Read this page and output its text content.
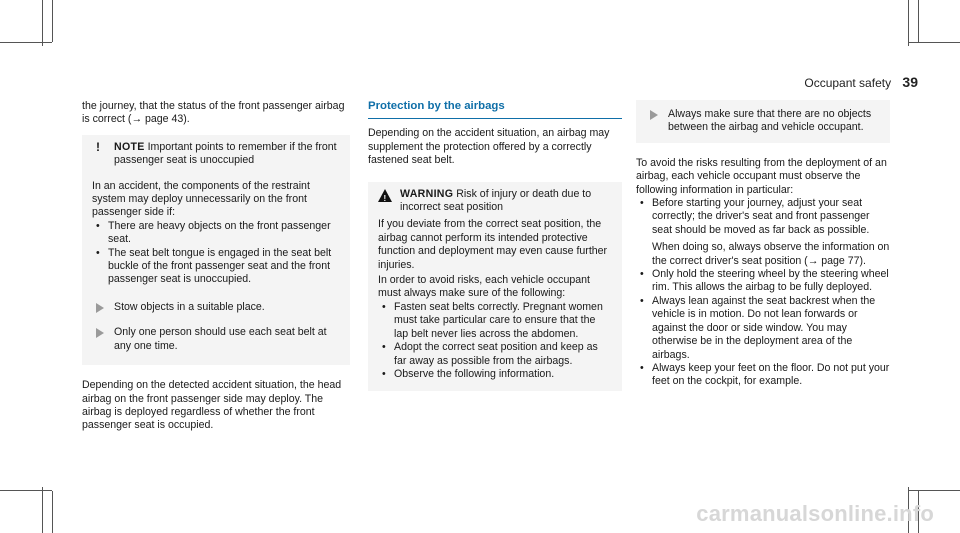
Occupant safety 39

the journey, that the status of the front passenger airbag is correct (→ page 43).

!	NOTE Important points to remember if the front passenger seat is unoccupied

In an accident, the components of the restraint system may deploy unnecessarily on the front passenger side if:

• There are heavy objects on the front passenger seat.
• The seat belt tongue is engaged in the seat belt buckle of the front passenger seat and the front passenger seat is unoccupied.
Stow objects in a suitable place.
Only one person should use each seat belt at any one time.

Depending on the detected accident situation, the head airbag on the front passenger side may deploy. The airbag is deployed regardless of whether the front passenger seat is occupied.

Protection by the airbags

Depending on the accident situation, an airbag may supplement the protection offered by a correctly fastened seat belt.

!	WARNING Risk of injury or death due to incorrect seat position

If you deviate from the correct seat position, the airbag cannot perform its intended protective function and deployment may even cause further injuries.

In order to avoid risks, each vehicle occupant must always make sure of the following:

• Fasten seat belts correctly. Pregnant women must take particular care to ensure that the lap belt never lies across the abdomen.
• Adopt the correct seat position and keep as far away as possible from the airbags.
• Observe the following information.
Always make sure that there are no objects between the airbag and vehicle occupant.

To avoid the risks resulting from the deployment of an airbag, each vehicle occupant must observe the following information in particular:

• Before starting your journey, adjust your seat correctly; the driver's seat and front passenger seat should be moved as far back as possible.

When doing so, always observe the information on the correct driver's seat position (→ page 77).

• Only hold the steering wheel by the steering wheel rim. This allows the airbag to be fully deployed.
• Always lean against the seat backrest when the vehicle is in motion. Do not lean forwards or against the door or side window. You may otherwise be in the deployment area of the airbags.
• Always keep your feet on the floor. Do not put your feet on the cockpit, for example.
carmanualsonline.info
